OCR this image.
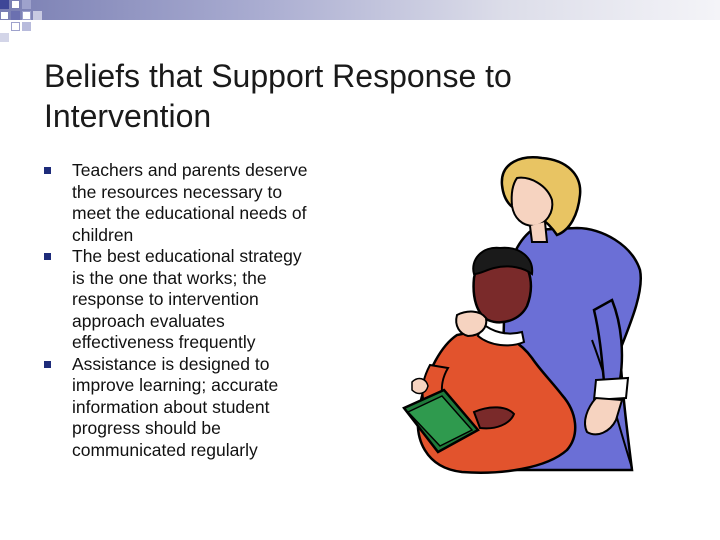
Beliefs that Support Response to
Intervention
Teachers and parents deserve
the resources necessary to
meet the educational needs of
children
The best educational strategy
is the one that works; the
response to intervention
approach evaluates
effectiveness frequently
Assistance is designed to
improve learning; accurate
information about student
progress should be
communicated regularly
